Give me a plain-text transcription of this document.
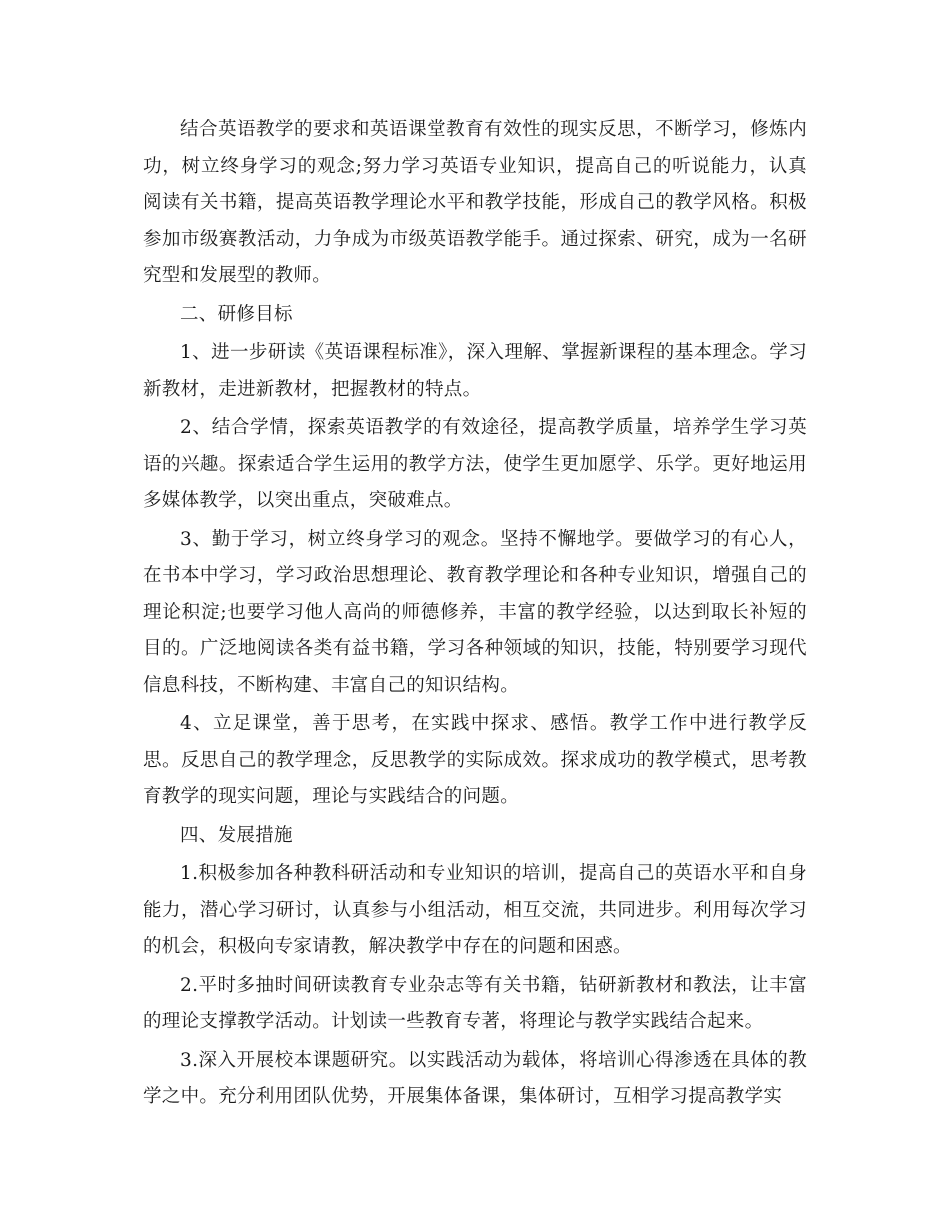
结合英语教学的要求和英语课堂教育有效性的现实反思，不断学习，修炼内功，树立终身学习的观念;努力学习英语专业知识，提高自己的听说能力，认真阅读有关书籍，提高英语教学理论水平和教学技能，形成自己的教学风格。积极参加市级赛教活动，力争成为市级英语教学能手。通过探索、研究，成为一名研究型和发展型的教师。

二、研修目标

1、进一步研读《英语课程标准》，深入理解、掌握新课程的基本理念。学习新教材，走进新教材，把握教材的特点。

2、结合学情，探索英语教学的有效途径，提高教学质量，培养学生学习英语的兴趣。探索适合学生运用的教学方法，使学生更加愿学、乐学。更好地运用多媒体教学，以突出重点，突破难点。

3、勤于学习，树立终身学习的观念。坚持不懈地学。要做学习的有心人，在书本中学习，学习政治思想理论、教育教学理论和各种专业知识，增强自己的理论积淀;也要学习他人高尚的师德修养，丰富的教学经验，以达到取长补短的目的。广泛地阅读各类有益书籍，学习各种领域的知识，技能，特别要学习现代信息科技，不断构建、丰富自己的知识结构。

4、立足课堂，善于思考，在实践中探求、感悟。教学工作中进行教学反思。反思自己的教学理念，反思教学的实际成效。探求成功的教学模式，思考教育教学的现实问题，理论与实践结合的问题。

四、发展措施

1.积极参加各种教科研活动和专业知识的培训，提高自己的英语水平和自身能力，潜心学习研讨，认真参与小组活动，相互交流，共同进步。利用每次学习的机会，积极向专家请教，解决教学中存在的问题和困惑。

2.平时多抽时间研读教育专业杂志等有关书籍，钻研新教材和教法，让丰富的理论支撑教学活动。计划读一些教育专著，将理论与教学实践结合起来。

3.深入开展校本课题研究。以实践活动为载体，将培训心得渗透在具体的教学之中。充分利用团队优势，开展集体备课，集体研讨，互相学习提高教学实
